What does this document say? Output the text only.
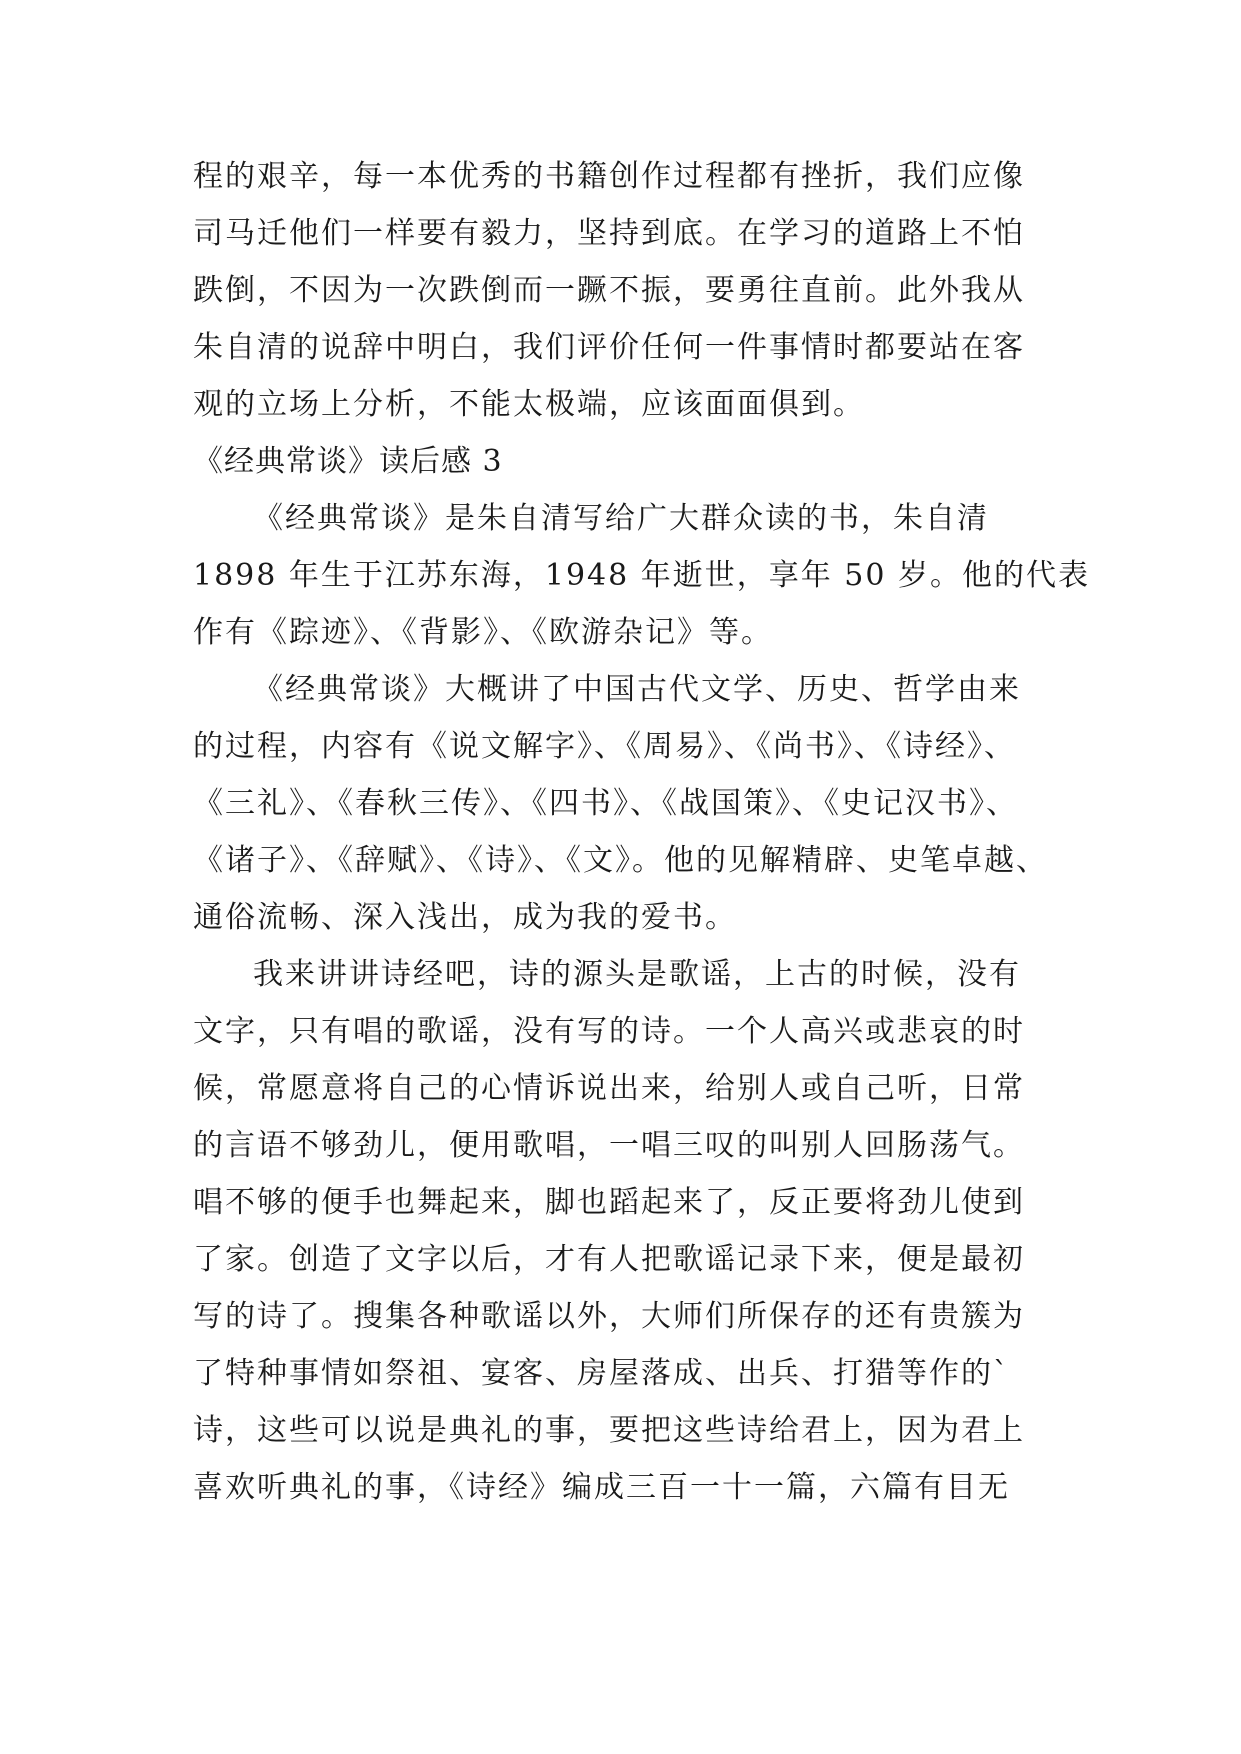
程的艰辛，每一本优秀的书籍创作过程都有挫折，我们应像
司马迁他们一样要有毅力，坚持到底。在学习的道路上不怕
跌倒，不因为一次跌倒而一蹶不振，要勇往直前。此外我从
朱自清的说辞中明白，我们评价任何一件事情时都要站在客
观的立场上分析，不能太极端，应该面面俱到。
《经典常谈》读后感 3
《经典常谈》是朱自清写给广大群众读的书，朱自清
1898 年生于江苏东海，1948 年逝世，享年 50 岁。他的代表
作有《踪迹》、《背影》、《欧游杂记》等。
《经典常谈》大概讲了中国古代文学、历史、哲学由来
的过程，内容有《说文解字》、《周易》、《尚书》、《诗经》、
《三礼》、《春秋三传》、《四书》、《战国策》、《史记汉书》、
《诸子》、《辞赋》、《诗》、《文》。他的见解精辟、史笔卓越、
通俗流畅、深入浅出，成为我的爱书。
我来讲讲诗经吧，诗的源头是歌谣，上古的时候，没有
文字，只有唱的歌谣，没有写的诗。一个人高兴或悲哀的时
候，常愿意将自己的心情诉说出来，给别人或自己听，日常
的言语不够劲儿，便用歌唱，一唱三叹的叫别人回肠荡气。
唱不够的便手也舞起来，脚也蹈起来了，反正要将劲儿使到
了家。创造了文字以后，才有人把歌谣记录下来，便是最初
写的诗了。搜集各种歌谣以外，大师们所保存的还有贵簇为
了特种事情如祭祖、宴客、房屋落成、出兵、打猎等作的`
诗，这些可以说是典礼的事，要把这些诗给君上，因为君上
喜欢听典礼的事，《诗经》编成三百一十一篇，六篇有目无
